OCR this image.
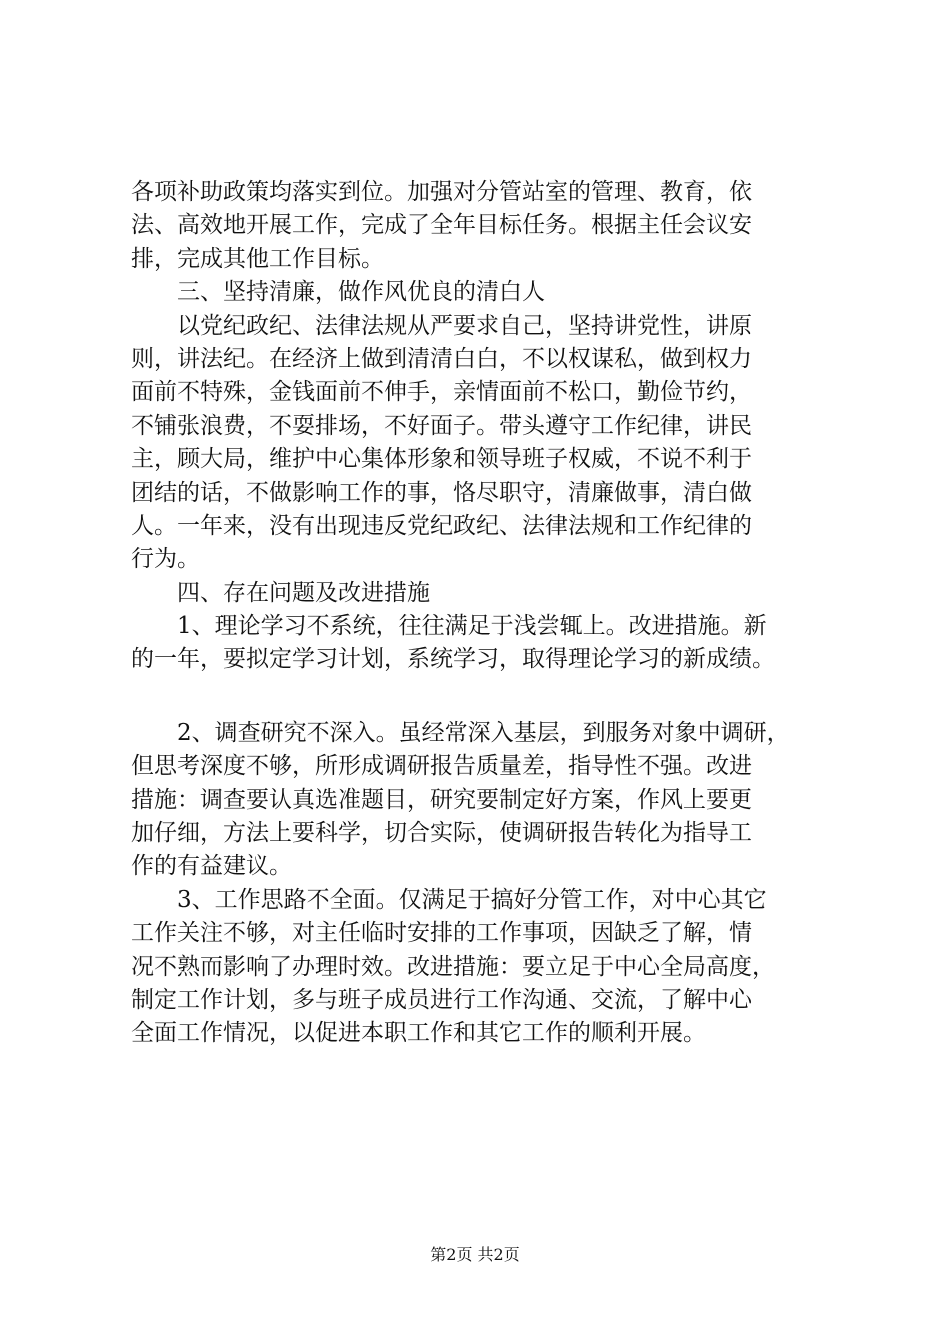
各项补助政策均落实到位。加强对分管站室的管理、教育，依
法、高效地开展工作，完成了全年目标任务。根据主任会议安
排，完成其他工作目标。
三、坚持清廉，做作风优良的清白人
以党纪政纪、法律法规从严要求自己，坚持讲党性，讲原
则，讲法纪。在经济上做到清清白白，不以权谋私，做到权力
面前不特殊，金钱面前不伸手，亲情面前不松口，勤俭节约，
不铺张浪费，不耍排场，不好面子。带头遵守工作纪律，讲民
主，顾大局，维护中心集体形象和领导班子权威，不说不利于
团结的话，不做影响工作的事，恪尽职守，清廉做事，清白做
人。一年来，没有出现违反党纪政纪、法律法规和工作纪律的
行为。
四、存在问题及改进措施
1、理论学习不系统，往往满足于浅尝辄上。改进措施。新
的一年，要拟定学习计划，系统学习，取得理论学习的新成绩。
2、调查研究不深入。虽经常深入基层，到服务对象中调研，
但思考深度不够，所形成调研报告质量差，指导性不强。改进
措施：调查要认真选准题目，研究要制定好方案，作风上要更
加仔细，方法上要科学，切合实际，使调研报告转化为指导工
作的有益建议。
3、工作思路不全面。仅满足于搞好分管工作，对中心其它
工作关注不够，对主任临时安排的工作事项，因缺乏了解，情
况不熟而影响了办理时效。改进措施：要立足于中心全局高度，
制定工作计划，多与班子成员进行工作沟通、交流，了解中心
全面工作情况，以促进本职工作和其它工作的顺利开展。
第2页 共2页
